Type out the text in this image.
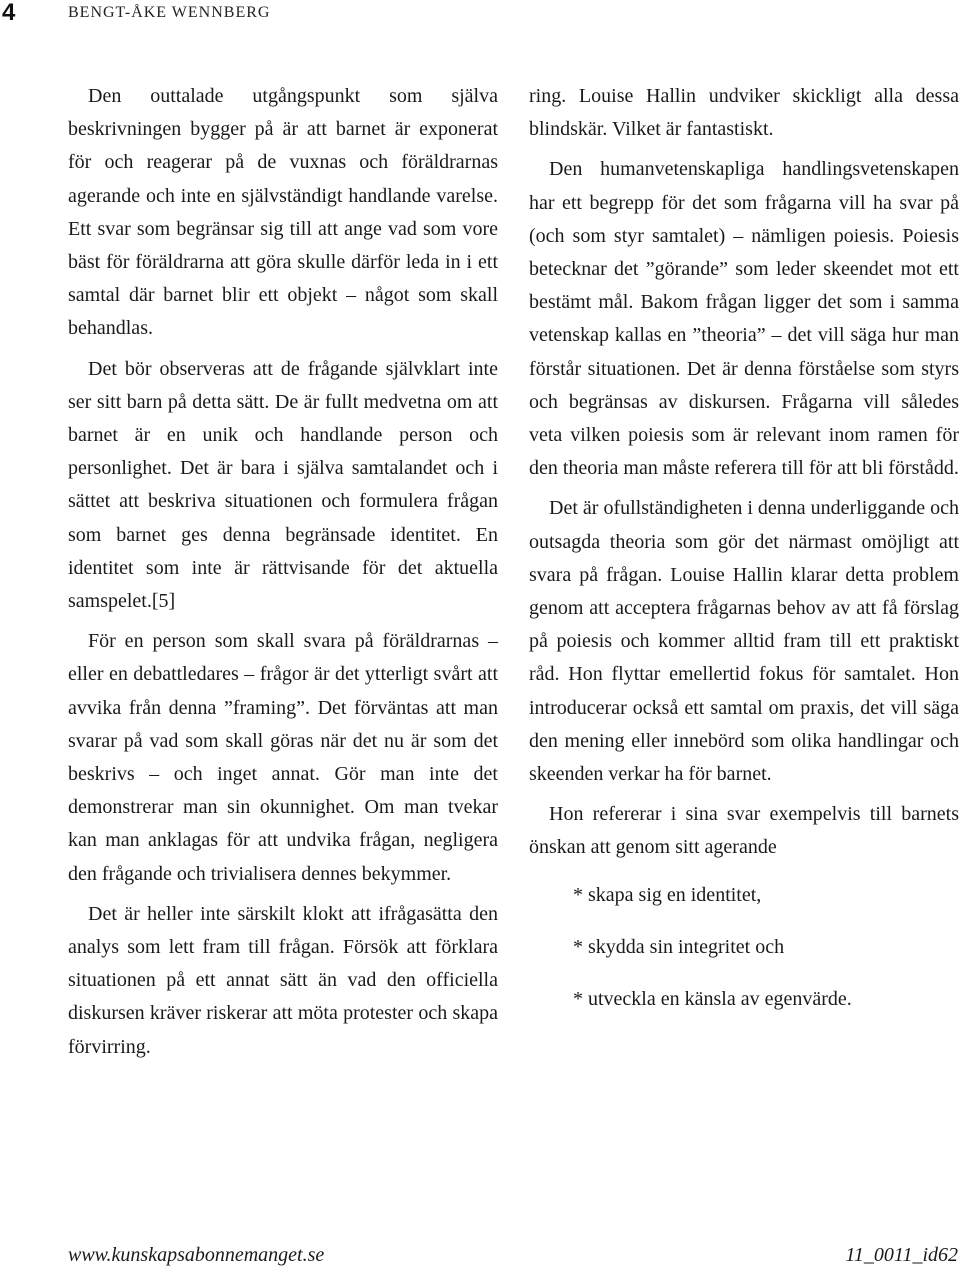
4	BENGT-ÅKE WENNBERG

Den outtalade utgångspunkt som själva beskrivningen bygger på är att barnet är exponerat för och reagerar på de vuxnas och föräldrarnas agerande och inte en självständigt handlande varelse. Ett svar som begränsar sig till att ange vad som vore bäst för föräldrarna att göra skulle därför leda in i ett samtal där barnet blir ett objekt – något som skall behandlas.

Det bör observeras att de frågande självklart inte ser sitt barn på detta sätt. De är fullt medvetna om att barnet är en unik och handlande person och personlighet. Det är bara i själva samtalandet och i sättet att beskriva situationen och formulera frågan som barnet ges denna begränsade identitet. En identitet som inte är rättvisande för det aktuella samspelet.[5]

För en person som skall svara på föräldrarnas – eller en debattledares – frågor är det ytterligt svårt att avvika från denna ”framing”. Det förväntas att man svarar på vad som skall göras när det nu är som det beskrivs – och inget annat. Gör man inte det demonstrerar man sin okunnighet. Om man tvekar kan man anklagas för att undvika frågan, negligera den frågande och trivialisera dennes bekymmer.

Det är heller inte särskilt klokt att ifrågasätta den analys som lett fram till frågan. Försök att förklara situationen på ett annat sätt än vad den officiella diskursen kräver riskerar att möta protester och skapa förvirring.

ring. Louise Hallin undviker skickligt alla dessa blindskär. Vilket är fantastiskt.

Den humanvetenskapliga handlingsvetenskapen har ett begrepp för det som frågarna vill ha svar på (och som styr samtalet) – nämligen poiesis. Poiesis betecknar det ”görande” som leder skeendet mot ett bestämt mål. Bakom frågan ligger det som i samma vetenskap kallas en ”theoria” – det vill säga hur man förstår situationen. Det är denna förståelse som styrs och begränsas av diskursen. Frågarna vill således veta vilken poiesis som är relevant inom ramen för den theoria man måste referera till för att bli förstådd.

Det är ofullständigheten i denna underliggande och outsagda theoria som gör det närmast omöjligt att svara på frågan. Louise Hallin klarar detta problem genom att acceptera frågarnas behov av att få förslag på poiesis och kommer alltid fram till ett praktiskt råd. Hon flyttar emellertid fokus för samtalet. Hon introducerar också ett samtal om praxis, det vill säga den mening eller innebörd som olika handlingar och skeenden verkar ha för barnet.

Hon refererar i sina svar exempelvis till barnets önskan att genom sitt agerande

* skapa sig en identitet,
* skydda sin integritet och
* utveckla en känsla av egenvärde.
www.kunskapsabonnemanget.se	11_0011_id62
